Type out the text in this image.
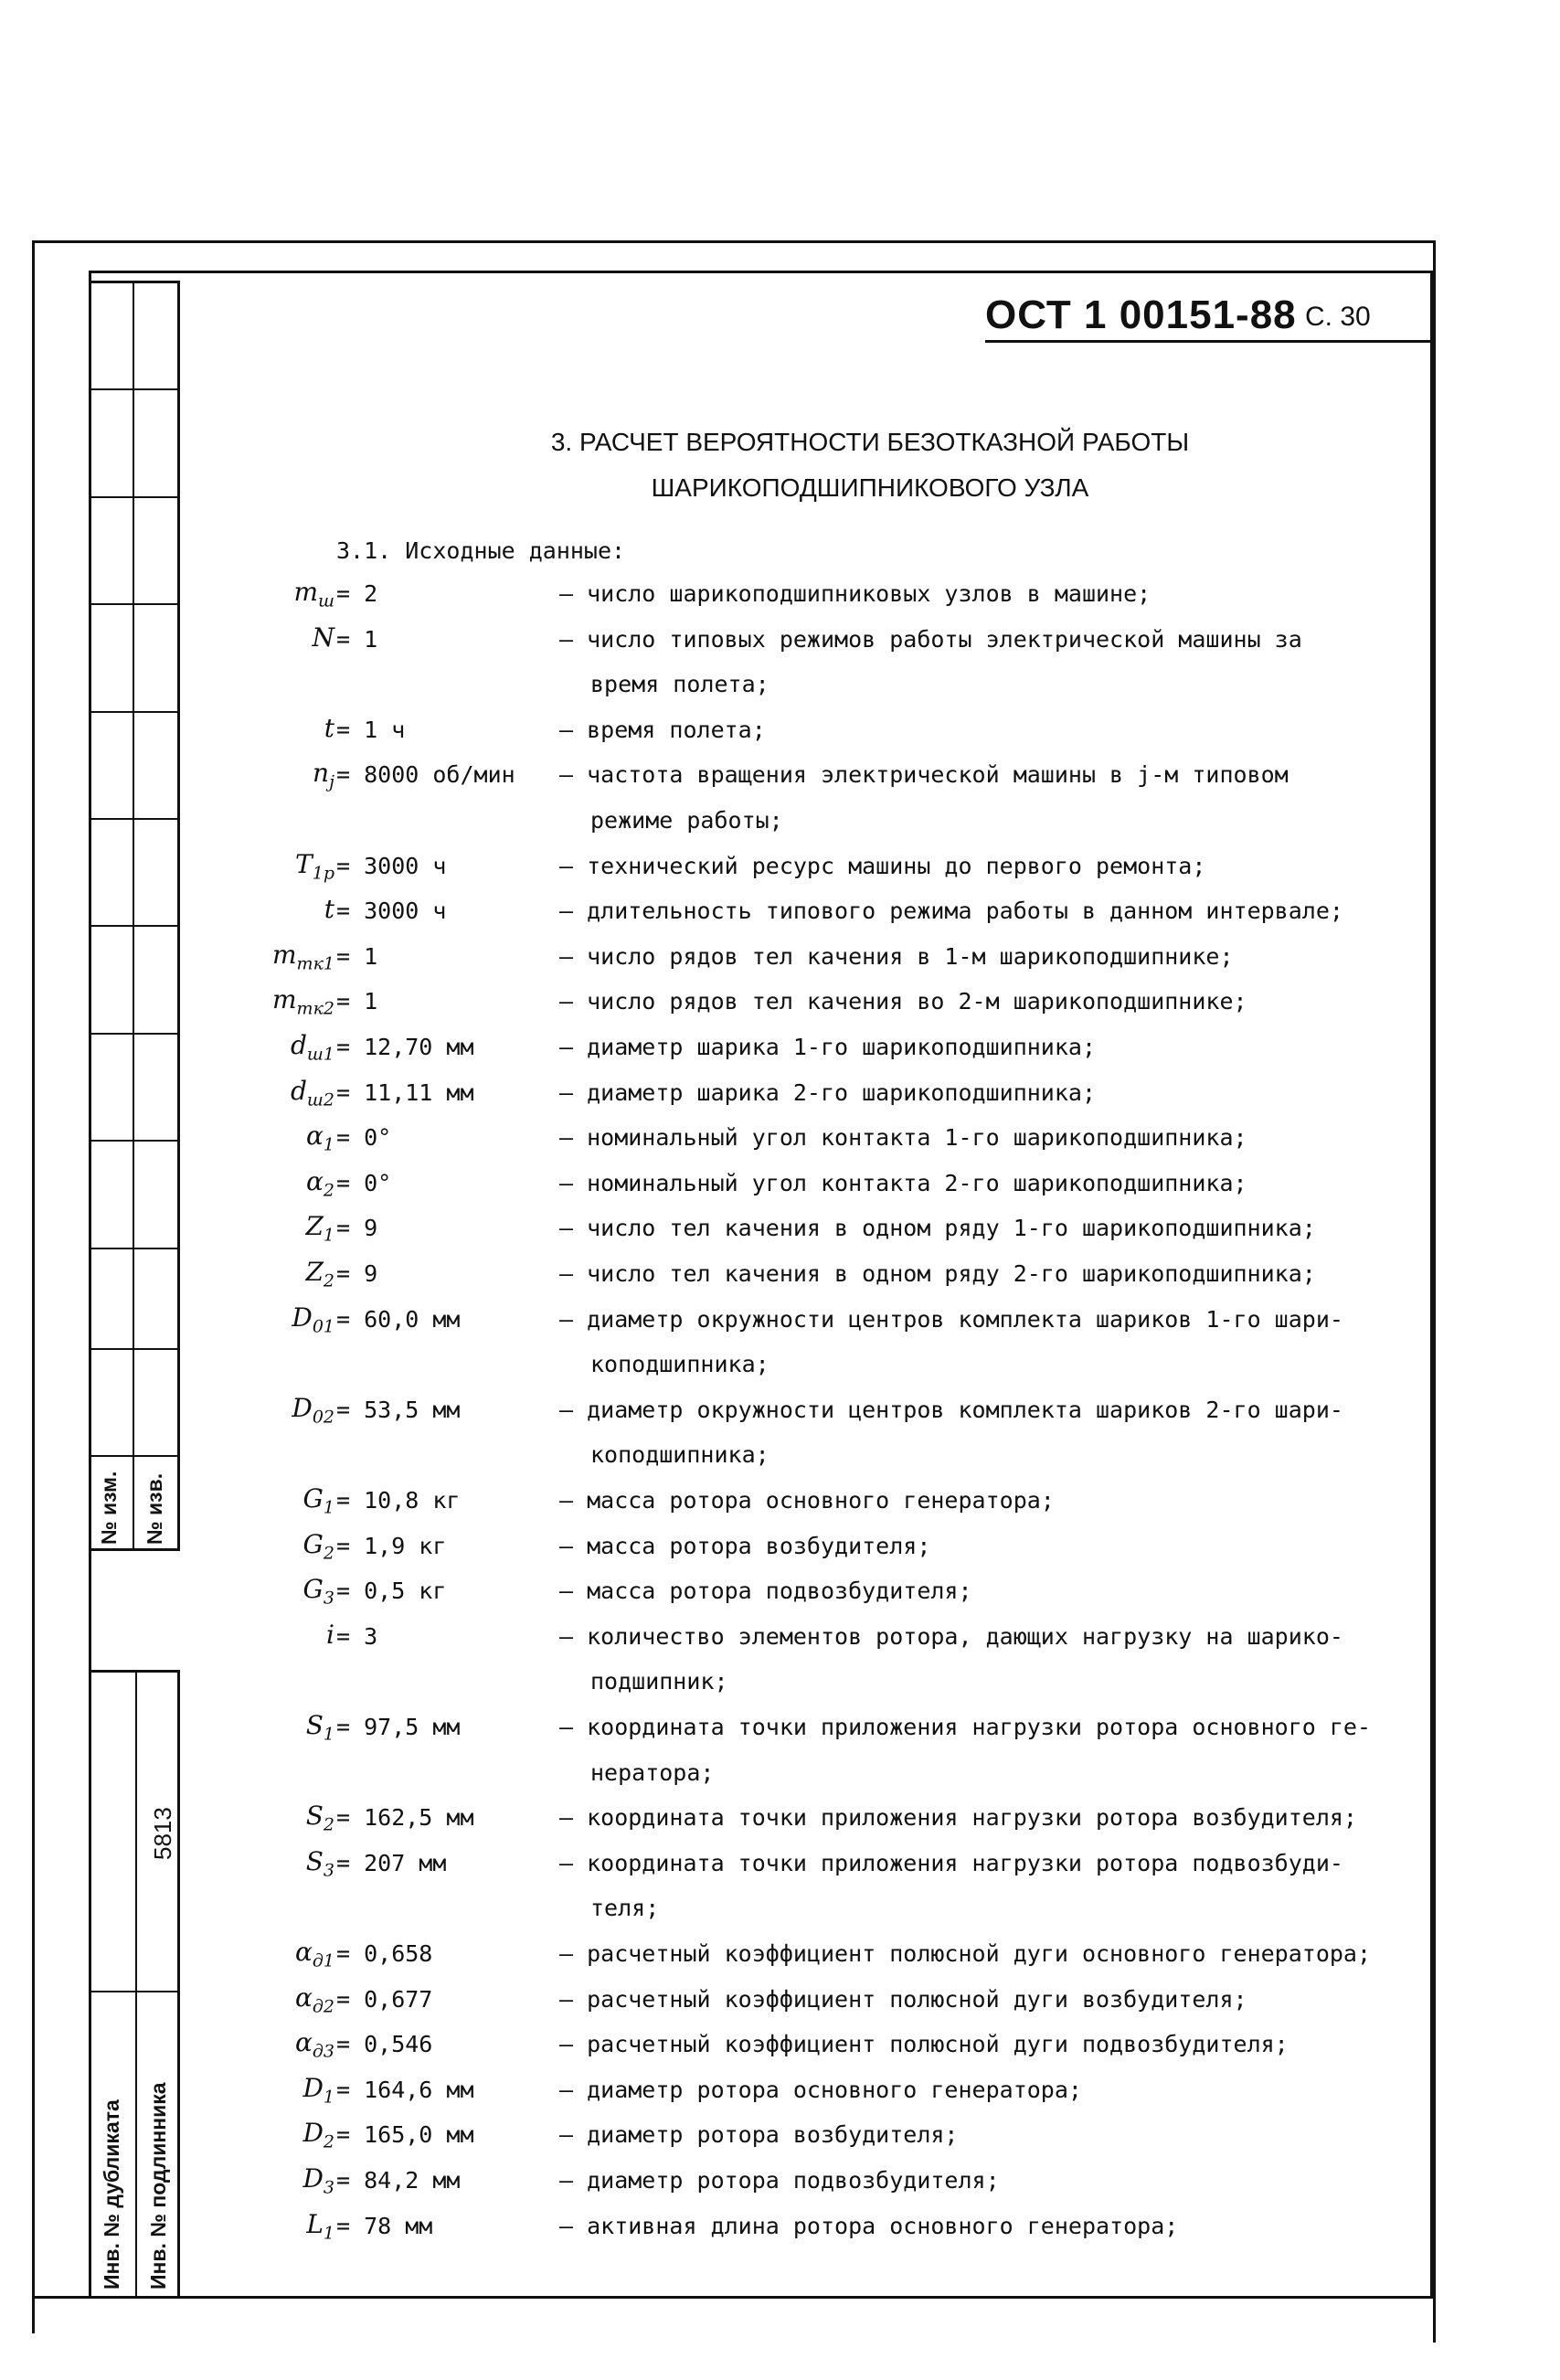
№ изм. № изв.
Инв. № дубликата Инв. № подлинника
5813
ОСТ 1 00151-88 С. 30
3. РАСЧЕТ ВЕРОЯТНОСТИ БЕЗОТКАЗНОЙ РАБОТЫ
ШАРИКОПОДШИПНИКОВОГО УЗЛА
3.1. Исходные данные:
$m_ш = 2$	– число шарикоподшипниковых узлов в машине;
N = 1	– число типовых режимов работы электрической машины за
время полета;
t = 1 ч	– время полета;
$n_j = 8000$ об/мин – частота вращения электрической машины в j-м типовом
режиме работы;
$T_{1р} = 3000$ ч	– технический ресурс машины до первого ремонта;
t = 3000 ч	– длительность типового режима работы в данном интервале;
$m_{тк1} = 1$	– число рядов тел качения в 1-м шарикоподшипнике;
$m_{тк2} = 1$	– число рядов тел качения во 2-м шарикоподшипнике;
$d_{ш1} = 12,70$ мм	– диаметр шарика 1-го шарикоподшипника;
$d_{ш2} = 11,11$ мм	– диаметр шарика 2-го шарикоподшипника;
$\alpha_1 = 0^\circ$	– номинальный угол контакта 1-го шарикоподшипника;
$\alpha_2 = 0^\circ$	– номинальный угол контакта 2-го шарикоподшипника;
$Z_1 = 9$	– число тел качения в одном ряду 1-го шарикоподшипника;
$Z_2 = 9$	– число тел качения в одном ряду 2-го шарикоподшипника;
$D_{01} = 60,0$ мм	– диаметр окружности центров комплекта шариков 1-го шари-
коподшипника;
$D_{02} = 53,5$ мм	– диаметр окружности центров комплекта шариков 2-го шари-
коподшипника;
$G_1 = 10,8$ кг	– масса ротора основного генератора;
$G_2 = 1,9$ кг	– масса ротора возбудителя;
$G_3 = 0,5$ кг	– масса ротора подвозбудителя;
i = 3	– количество элементов ротора, дающих нагрузку на шарико-
подшипник;
$S_1 = 97,5$ мм	– координата точки приложения нагрузки ротора основного ге-
нератора;
$S_2 = 162,5$ мм	– координата точки приложения нагрузки ротора возбудителя;
$S_3 = 207$ мм	– координата точки приложения нагрузки ротора подвозбуди-
теля;
$\alpha_{д1} = 0,658$	– расчетный коэффициент полюсной дуги основного генератора;
$\alpha_{д2} = 0,677$	– расчетный коэффициент полюсной дуги возбудителя;
$\alpha_{д3} = 0,546$	– расчетный коэффициент полюсной дуги подвозбудителя;
$D_1 = 164,6$ мм	– диаметр ротора основного генератора;
$D_2 = 165,0$ мм	– диаметр ротора возбудителя;
$D_3 = 84,2$ мм	– диаметр ротора подвозбудителя;
$L_1 = 78$ мм	– активная длина ротора основного генератора;
